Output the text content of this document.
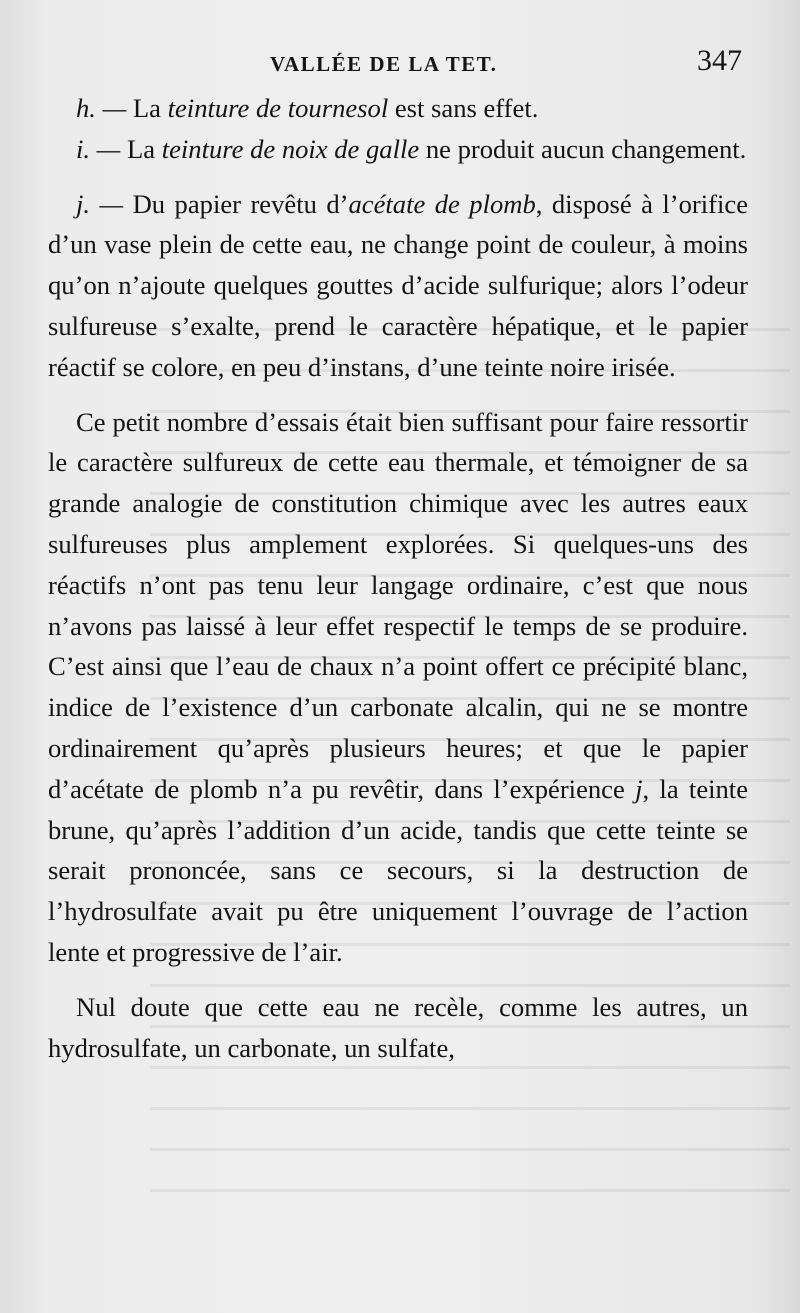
VALLÉE DE LA TET.	347

h. — La teinture de tournesol est sans effet.

i. — La teinture de noix de galle ne produit aucun changement.

j. — Du papier revêtu d’acétate de plomb, disposé à l’orifice d’un vase plein de cette eau, ne change point de couleur, à moins qu’on n’ajoute quelques gouttes d’acide sulfurique; alors l’odeur sulfureuse s’exalte, prend le caractère hépatique, et le papier réactif se colore, en peu d’instans, d’une teinte noire irisée.

Ce petit nombre d’essais était bien suffisant pour faire ressortir le caractère sulfureux de cette eau thermale, et témoigner de sa grande analogie de constitution chimique avec les autres eaux sulfureuses plus amplement explorées. Si quelques-uns des réactifs n’ont pas tenu leur langage ordinaire, c’est que nous n’avons pas laissé à leur effet respectif le temps de se produire. C’est ainsi que l’eau de chaux n’a point offert ce précipité blanc, indice de l’existence d’un carbonate alcalin, qui ne se montre ordinairement qu’après plusieurs heures; et que le papier d’acétate de plomb n’a pu revêtir, dans l’expérience j, la teinte brune, qu’après l’addition d’un acide, tandis que cette teinte se serait prononcée, sans ce secours, si la destruction de l’hydrosulfate avait pu être uniquement l’ouvrage de l’action lente et progressive de l’air.

Nul doute que cette eau ne recèle, comme les autres, un hydrosulfate, un carbonate, un sulfate,
